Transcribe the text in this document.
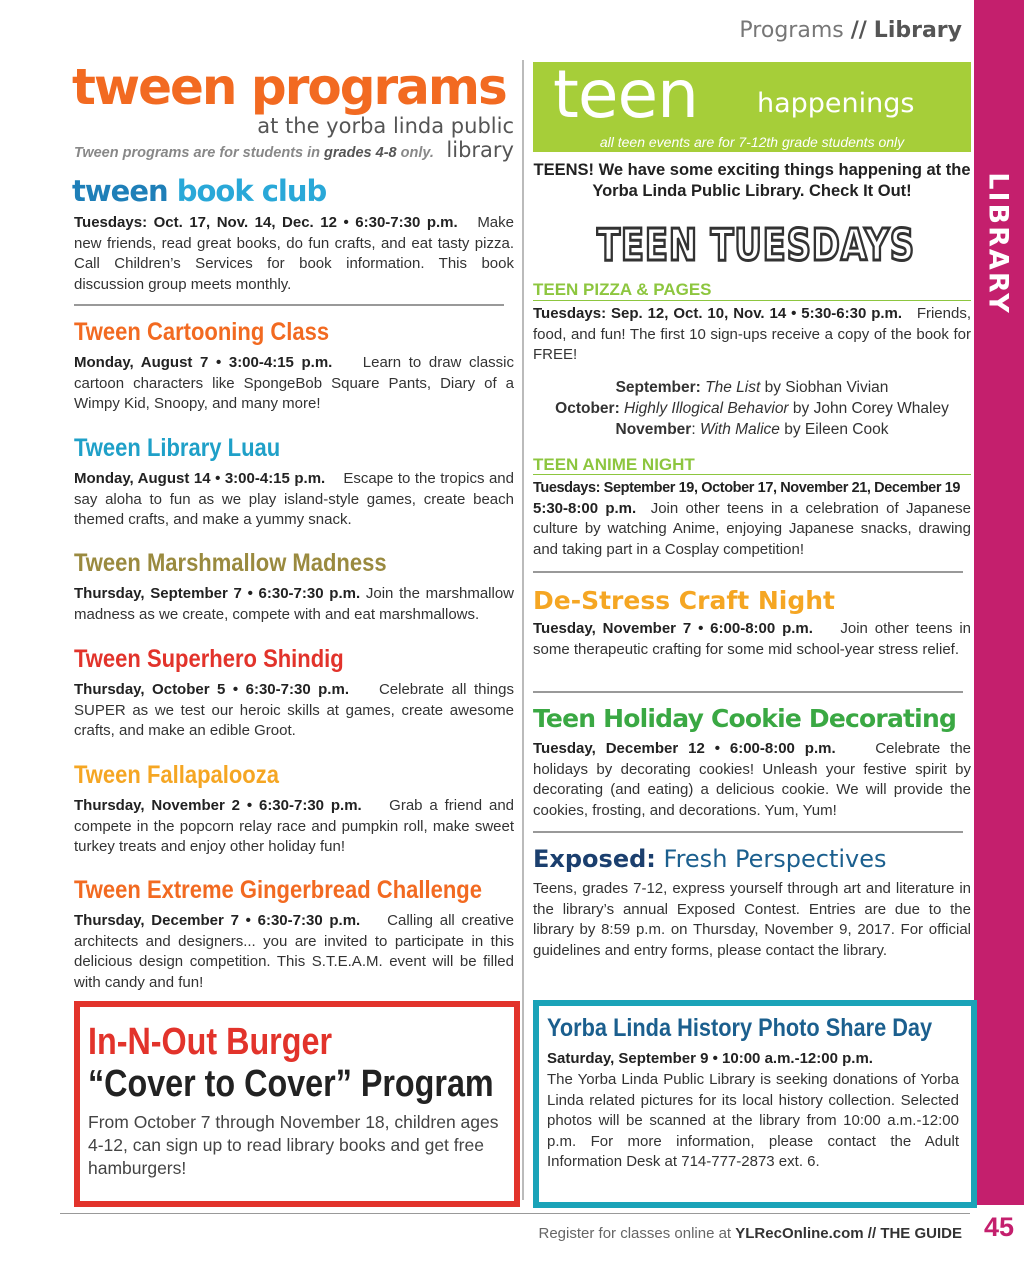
Programs // Library
LIBRARY
tween programs
at the yorba linda public library
Tween programs are for students in grades 4-8 only.
tween book club
Tuesdays: Oct. 17, Nov. 14, Dec. 12 • 6:30-7:30 p.m. Make new friends, read great books, do fun crafts, and eat tasty pizza. Call Children’s Services for book information. This book discussion group meets monthly.
Tween Cartooning Class
Monday, August 7 • 3:00-4:15 p.m. Learn to draw classic cartoon characters like SpongeBob Square Pants, Diary of a Wimpy Kid, Snoopy, and many more!
Tween Library Luau
Monday, August 14 • 3:00-4:15 p.m. Escape to the tropics and say aloha to fun as we play island-style games, create beach themed crafts, and make a yummy snack.
Tween Marshmallow Madness
Thursday, September 7 • 6:30-7:30 p.m. Join the marshmallow madness as we create, compete with and eat marshmallows.
Tween Superhero Shindig
Thursday, October 5 • 6:30-7:30 p.m. Celebrate all things SUPER as we test our heroic skills at games, create awesome crafts, and make an edible Groot.
Tween Fallapalooza
Thursday, November 2 • 6:30-7:30 p.m. Grab a friend and compete in the popcorn relay race and pumpkin roll, make sweet turkey treats and enjoy other holiday fun!
Tween Extreme Gingerbread Challenge
Thursday, December 7 • 6:30-7:30 p.m. Calling all creative architects and designers... you are invited to participate in this delicious design competition. This S.T.E.A.M. event will be filled with candy and fun!
In-N-Out Burger
“Cover to Cover” Program
From October 7 through November 18, children ages 4-12, can sign up to read library books and get free hamburgers!
teen happenings
all teen events are for 7-12th grade students only
TEENS! We have some exciting things happening at the Yorba Linda Public Library. Check It Out!
TEEN TUESDAYS
TEEN PIZZA & PAGES
Tuesdays: Sep. 12, Oct. 10, Nov. 14 • 5:30-6:30 p.m. Friends, food, and fun! The first 10 sign-ups receive a copy of the book for FREE!
September: The List by Siobhan Vivian
October: Highly Illogical Behavior by John Corey Whaley
November: With Malice by Eileen Cook
TEEN ANIME NIGHT
Tuesdays: September 19, October 17, November 21, December 19
5:30-8:00 p.m. Join other teens in a celebration of Japanese culture by watching Anime, enjoying Japanese snacks, drawing and taking part in a Cosplay competition!
De-Stress Craft Night
Tuesday, November 7 • 6:00-8:00 p.m. Join other teens in some therapeutic crafting for some mid school-year stress relief.
Teen Holiday Cookie Decorating
Tuesday, December 12 • 6:00-8:00 p.m.	Celebrate the holidays by decorating cookies! Unleash your festive spirit by decorating (and eating) a delicious cookie. We will provide the cookies, frosting, and decorations. Yum, Yum!
Exposed: Fresh Perspectives
Teens, grades 7-12, express yourself through art and literature in the library’s annual Exposed Contest. Entries are due to the library by 8:59 p.m. on Thursday, November 9, 2017. For official guidelines and entry forms, please contact the library.
Yorba Linda History Photo Share Day
Saturday, September 9 • 10:00 a.m.-12:00 p.m.
The Yorba Linda Public Library is seeking donations of Yorba Linda related pictures for its local history collection. Selected photos will be scanned at the library from 10:00 a.m.-12:00 p.m. For more information, please contact the Adult Information Desk at 714-777-2873 ext. 6.
Register for classes online at YLRecOnline.com // THE GUIDE 45
